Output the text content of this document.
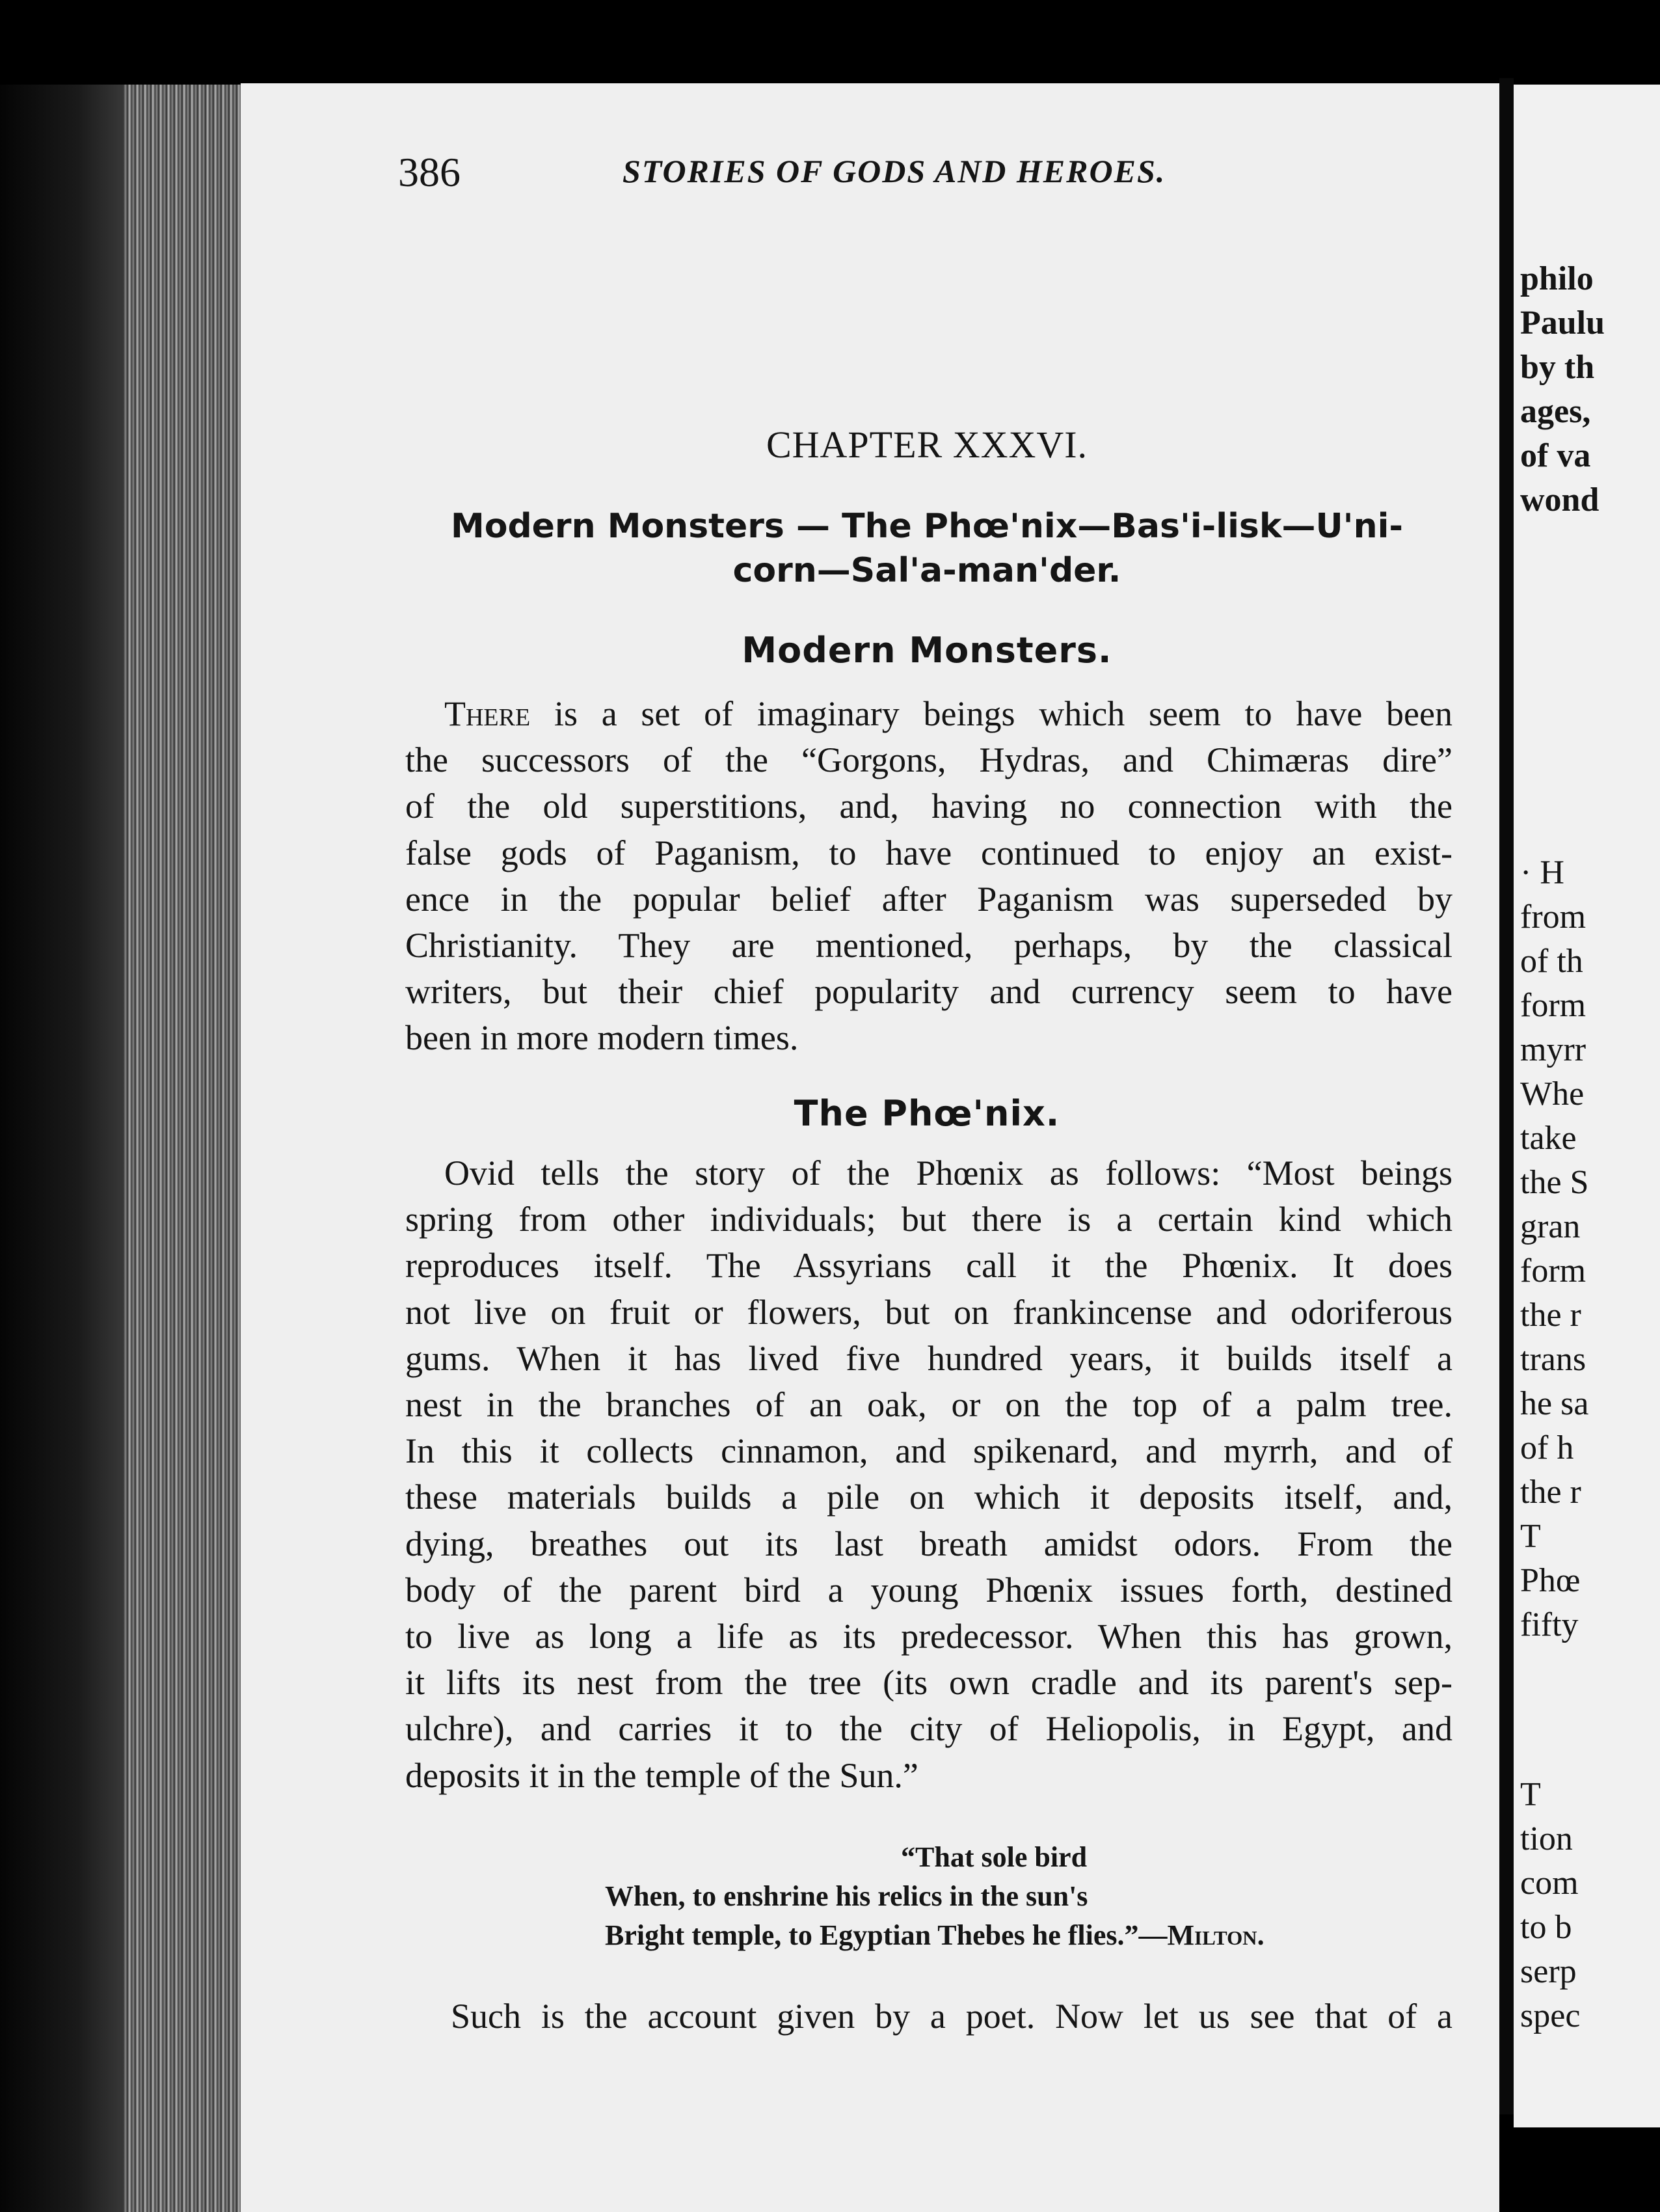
386	STORIES OF GODS AND HEROES.
CHAPTER XXXVI.
Modern Monsters — The Phœ'nix—Bas'i-lisk—U'ni-
corn—Sal'a-man'der.
Modern Monsters.
There is a set of imaginary beings which seem to have been
the successors of the “Gorgons, Hydras, and Chimæras dire”
of the old superstitions, and, having no connection with the
false gods of Paganism, to have continued to enjoy an exist-
ence in the popular belief after Paganism was superseded by
Christianity. They are mentioned, perhaps, by the classical
writers, but their chief popularity and currency seem to have
been in more modern times.
The Phœ'nix.
Ovid tells the story of the Phœnix as follows: “Most beings
spring from other individuals; but there is a certain kind which
reproduces itself. The Assyrians call it the Phœnix. It does
not live on fruit or flowers, but on frankincense and odoriferous
gums. When it has lived five hundred years, it builds itself a
nest in the branches of an oak, or on the top of a palm tree.
In this it collects cinnamon, and spikenard, and myrrh, and of
these materials builds a pile on which it deposits itself, and,
dying, breathes out its last breath amidst odors. From the
body of the parent bird a young Phœnix issues forth, destined
to live as long a life as its predecessor. When this has grown,
it lifts its nest from the tree (its own cradle and its parent's sep-
ulchre), and carries it to the city of Heliopolis, in Egypt, and
deposits it in the temple of the Sun.”
“That sole bird
When, to enshrine his relics in the sun's
Bright temple, to Egyptian Thebes he flies.”—Milton.
Such is the account given by a poet. Now let us see that of a
philo
Paulu
by th
ages,
of va
wond
· H
from
of th
form
myrr
Whe
take
the S
gran
form
the r
trans
he sa
of h
the r
T
Phœ
fifty
T
tion
com
to b
serp
spec
